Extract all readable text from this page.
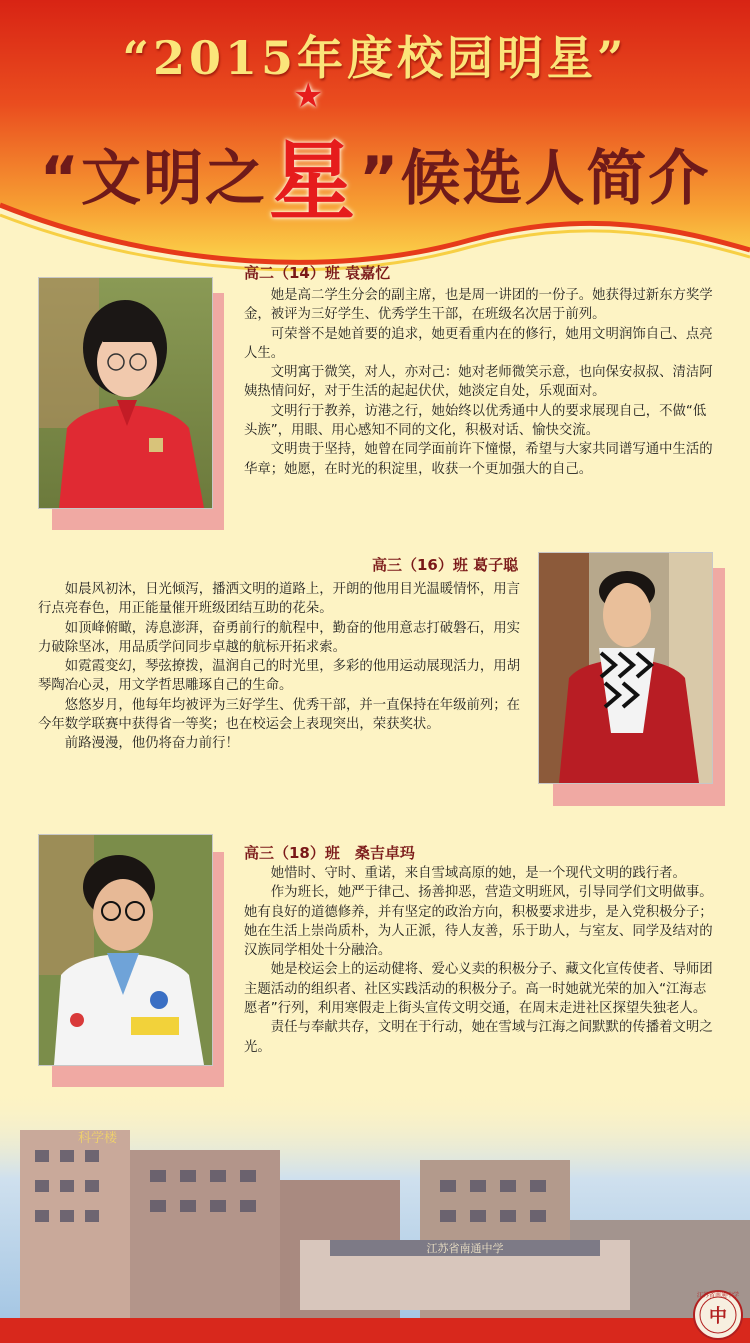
“2015年度校园明星”
“文明之星
★
”候选人简介
高二（14）班 袁嘉忆

她是高二学生分会的副主席，也是周一讲团的一份子。她获得过新东方奖学金，被评为三好学生、优秀学生干部，在班级名次居于前列。

可荣誉不是她首要的追求，她更看重内在的修行，她用文明润饰自己、点亮人生。

文明寓于微笑，对人，亦对己：她对老师微笑示意，也向保安叔叔、清洁阿姨热情问好，对于生活的起起伏伏，她淡定自处，乐观面对。

文明行于教养，访港之行，她始终以优秀通中人的要求展现自己，不做“低头族”，用眼、用心感知不同的文化，积极对话、愉快交流。

文明贵于坚持，她曾在同学面前许下憧憬，希望与大家共同谱写通中生活的华章；她愿，在时光的积淀里，收获一个更加强大的自己。

高三（16）班 葛子聪

如晨风初沐，日光倾泻，播洒文明的道路上，开朗的他用目光温暖情怀，用言行点亮春色，用正能量催开班级团结互助的花朵。

如顶峰俯瞰，涛息澎湃，奋勇前行的航程中，勤奋的他用意志打破磐石，用实力破除坚冰，用品质学问同步卓越的航标开拓求索。

如霓霞变幻，琴弦撩拨，温润自己的时光里，多彩的他用运动展现活力，用胡琴陶冶心灵，用文学哲思雕琢自己的生命。

悠悠岁月，他每年均被评为三好学生、优秀干部，并一直保持在年级前列；在今年数学联赛中获得省一等奖；也在校运会上表现突出，荣获奖状。

前路漫漫，他仍将奋力前行！

高三（18）班　桑吉卓玛

她惜时、守时、重诺，来自雪域高原的她，是一个现代文明的践行者。

作为班长，她严于律己、扬善抑恶，营造文明班风，引导同学们文明做事。她有良好的道德修养，并有坚定的政治方向，积极要求进步，是入党积极分子；她在生活上崇尚质朴，为人正派，待人友善，乐于助人，与室友、同学及结对的汉族同学相处十分融洽。

她是校运会上的运动健将、爱心义卖的积极分子、藏文化宣传使者、导师团主题活动的组织者、社区实践活动的积极分子。高一时她就光荣的加入“江海志愿者”行列，利用寒假走上街头宣传文明交通，在周末走进社区探望失独老人。

责任与奉献共存，文明在于行动，她在雪域与江海之间默默的传播着文明之光。

江苏省南通中学
科学楼
中
江苏省南通中学
